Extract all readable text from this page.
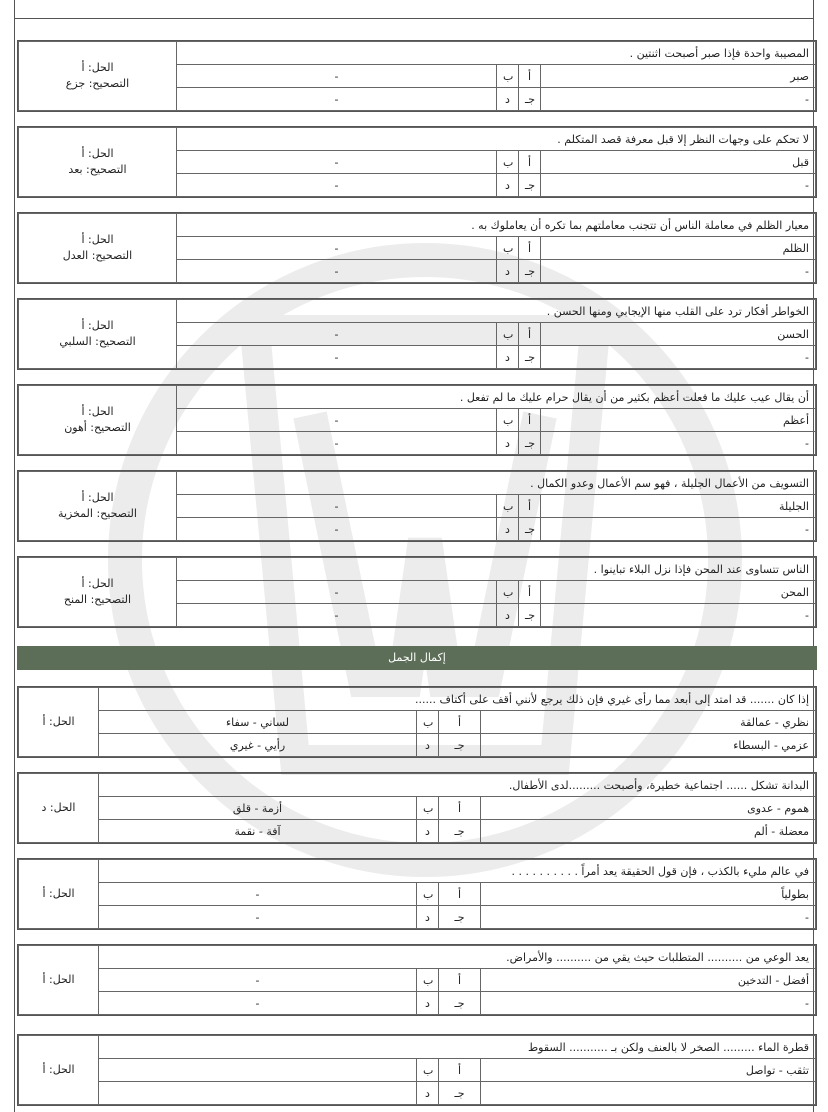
إكمال الجمل
الحل: أ
التصحيح: جزع	المصيبة واحدة فإذا صبر أصبحت اثنتين .			
	-	ب	أ	صبر
	-	د	جـ	-
الحل: أ
التصحيح: بعد	لا تحكم على وجهات النظر إلا قبل معرفة قصد المتكلم .			
	-	ب	أ	قبل
	-	د	جـ	-
الحل: أ
التصحيح: العدل	معيار الظلم في معاملة الناس أن تتجنب معاملتهم بما تكره أن يعاملوك به .			
	-	ب	أ	الظلم
	-	د	جـ	-
الحل: أ
التصحيح: السلبي	الخواطر أفكار ترد على القلب منها الإيجابي ومنها الحسن .			
	-	ب	أ	الحسن
	-	د	جـ	-
الحل: أ
التصحيح: أهون	أن يقال عيب عليك ما فعلت أعظم بكثير من أن يقال حرام عليك ما لم تفعل .			
	-	ب	أ	أعظم
	-	د	جـ	-
الحل: أ
التصحيح: المخزية	التسويف من الأعمال الجليلة ، فهو سم الأعمال وعدو الكمال .			
	-	ب	أ	الجليلة
	-	د	جـ	-
الحل: أ
التصحيح: المنح	الناس تتساوى عند المحن فإذا نزل البلاء تباينوا .			
	-	ب	أ	المحن
	-	د	جـ	-
الحل: أ	إذا كان ....... قد امتد إلى أبعد مما رأى غيري فإن ذلك يرجع لأنني أقف على أكتاف ......			
	لساني - سفاء	ب	أ	نظري - عمالقة
	رأيي - غيري	د	جـ	عزمي - البسطاء
الحل: د	البدانة تشكل ...... اجتماعية خطيرة، وأصبحت .........لدى الأطفال.			
	أزمة - قلق	ب	أ	هموم - عدوى
	آفة - نقمة	د	جـ	معضلة - ألم
الحل: أ	في عالم مليء بالكذب ، فإن قول الحقيقة يعد أمراً . . . . . . . . . .			
	-	ب	أ	بطولياً
	-	د	جـ	-
الحل: أ	يعد الوعي من .......... المتطلبات حيث يقي من .......... والأمراض.			
	-	ب	أ	أفضل - التدخين
	-	د	جـ	-
الحل: أ	قطرة الماء ......... الصخر لا بالعنف ولكن بـ ........... السقوط			
		ب	أ	تثقب - تواصل
		د	جـ	
